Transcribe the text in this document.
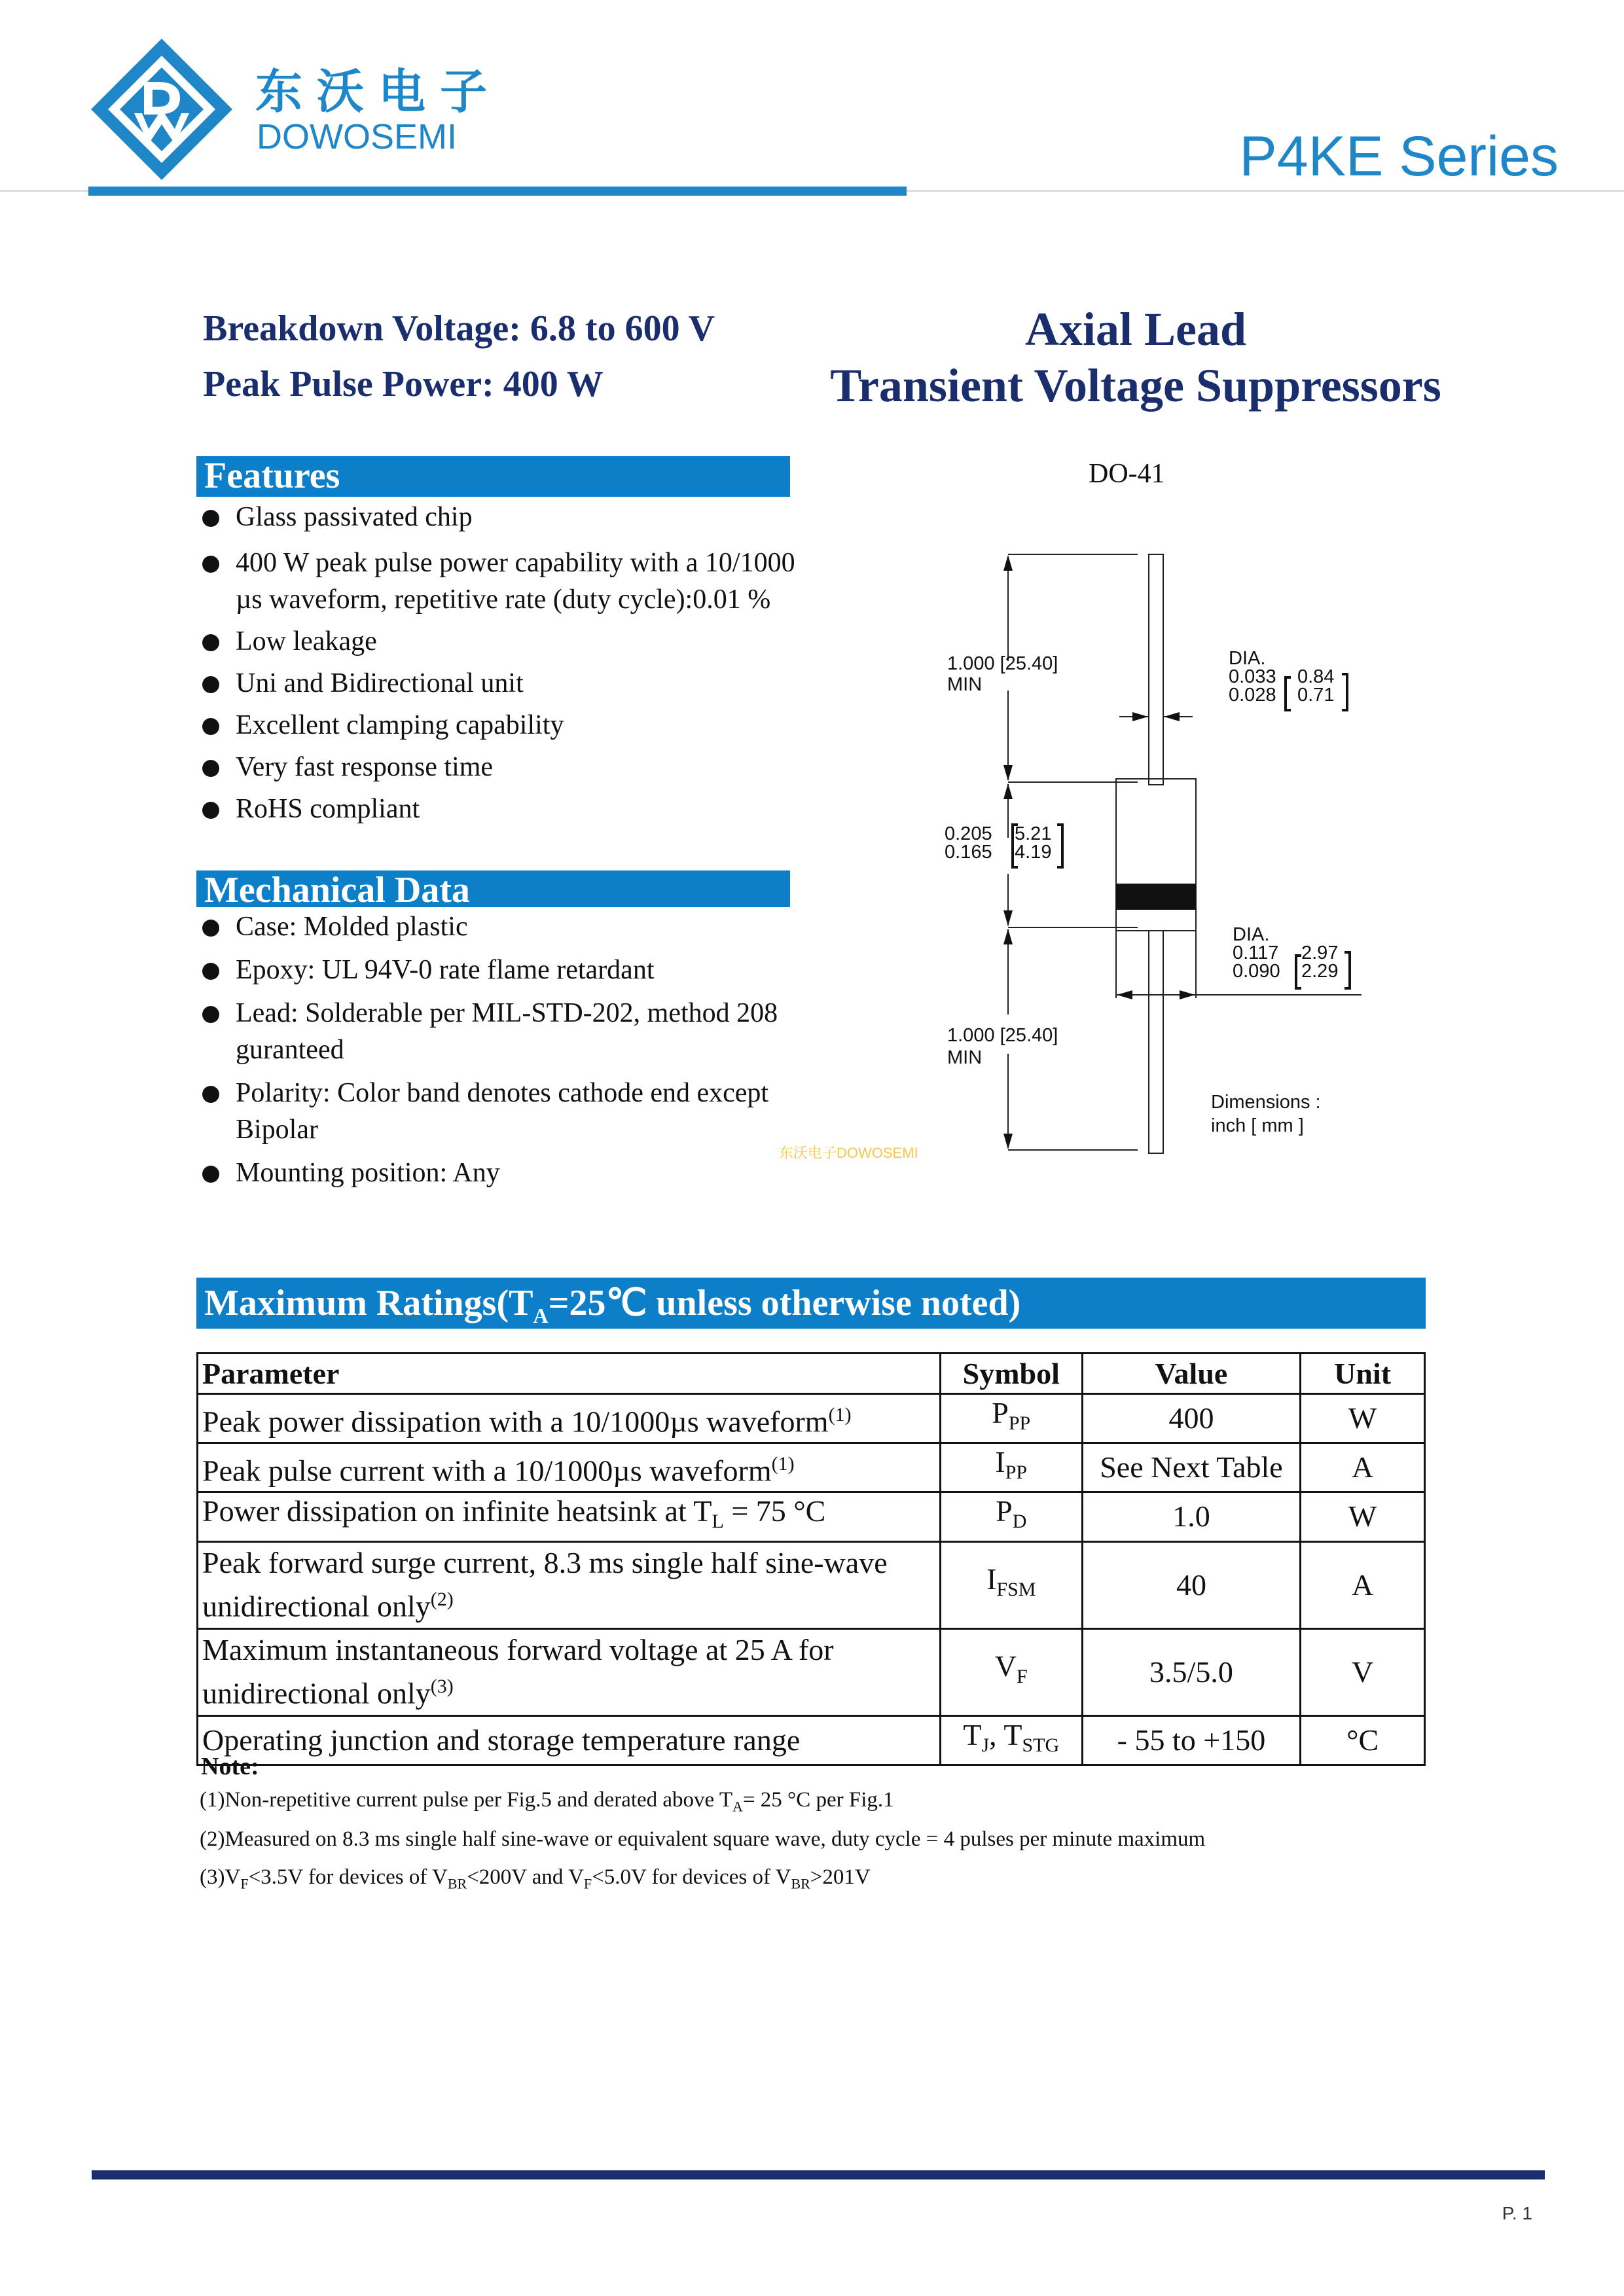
东沃电子
DOWOSEMI	P4KE Series
Breakdown Voltage: 6.8 to 600 V
Peak Pulse Power: 400 W
Axial Lead
Transient Voltage Suppressors
Features
Glass passivated chip
400 W peak pulse power capability with a 10/1000 µs waveform, repetitive rate (duty cycle):0.01 %
Low leakage
Uni and Bidirectional unit
Excellent clamping capability
Very fast response time
RoHS compliant
Mechanical Data
Case: Molded plastic
Epoxy: UL 94V-0 rate flame retardant
Lead: Solderable per MIL-STD-202, method 208 guranteed
Polarity: Color band denotes cathode end except Bipolar
Mounting position: Any
DO-41
1.000 [25.40]
MIN
DIA.
0.033
0.028
0.84
0.71
0.205
0.165
5.21
4.19
DIA.
0.117
0.090
2.97
2.29
1.000 [25.40]
MIN
Dimensions :
inch [ mm ]
东沃电子DOWOSEMI
Maximum $Ratings(T_A=25℃$ unless otherwise noted)
Parameter	Symbol	Value	Unit
Peak power dissipation with a 10/1000µs waveform$^{(1)}$	$P_{PP}$	400	W
Peak pulse current with a 10/1000µs waveform$^{(1)}$	$I_{PP}$	See Next Table	A
Power dissipation on infinite heatsink at $T_L = 75$ °C	$P_D$	1.0	W
Peak forward surge current, 8.3 ms single half sine-wave
unidirectional only$^{(2)}$	$I_{FSM}$	40	A
Maximum instantaneous forward voltage at 25 A for
unidirectional only$^{(3)}$	$V_F$	3.5/5.0	V
Operating junction and storage temperature range	$T_J$, $T_{STG}$	- 55 to +150	°C
Note:
(1)Non-repetitive current pulse per Fig.5 and derated above $T_A= 25$ °C per Fig.1
(2)Measured on 8.3 ms single half sine-wave or equivalent square wave, duty cycle = 4 pulses per minute maximum
$(3)V_F<3.5V$ for devices of $V_{BR}<200V$ and $V_F<5.0V$ for devices of $V_{BR}>201V$
P. 1
